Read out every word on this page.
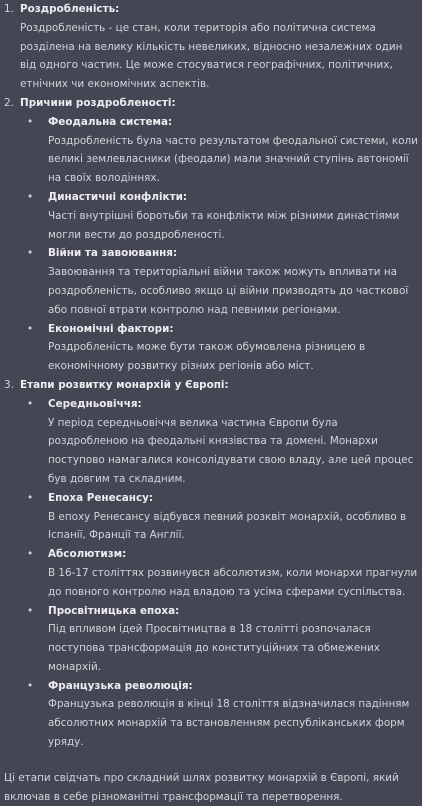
1. Роздробленість:
Роздробленість - це стан, коли територія або політична система розділена на велику кількість невеликих, відносно незалежних один від одного частин. Це може стосуватися географічних, політичних, етнічних чи економічних аспектів.
2. Причини роздробленості:
• Феодальна система:
Роздробленість була часто результатом феодальної системи, коли великі землевласники (феодали) мали значний ступінь автономії на своїх володіннях.
• Династичні конфлікти:
Часті внутрішні боротьби та конфлікти між різними династіями могли вести до роздробленості.
• Війни та завоювання:
Завоювання та територіальні війни також можуть впливати на роздробленість, особливо якщо ці війни призводять до часткової або повної втрати контролю над певними регіонами.
• Економічні фактори:
Роздробленість може бути також обумовлена різницею в економічному розвитку різних регіонів або міст.
3. Етапи розвитку монархій у Європі:
• Середньовіччя:
У період середньовіччя велика частина Європи була роздробленою на феодальні князівства та домені. Монархи поступово намагалися консолідувати свою владу, але цей процес був довгим та складним.
• Епоха Ренесансу:
В епоху Ренесансу відбувся певний розквіт монархій, особливо в Іспанії, Франції та Англії.
• Абсолютизм:
В 16-17 століттях розвинувся абсолютизм, коли монархи прагнули до повного контролю над владою та усіма сферами суспільства.
• Просвітницька епоха:
Під впливом ідей Просвітництва в 18 столітті розпочалася поступова трансформація до конституційних та обмежених монархій.
• Французька революція:
Французька революція в кінці 18 століття відзначилася падінням абсолютних монархій та встановленням республіканських форм уряду.

Ці етапи свідчать про складний шлях розвитку монархій в Європі, який включав в себе різноманітні трансформації та перетворення.
